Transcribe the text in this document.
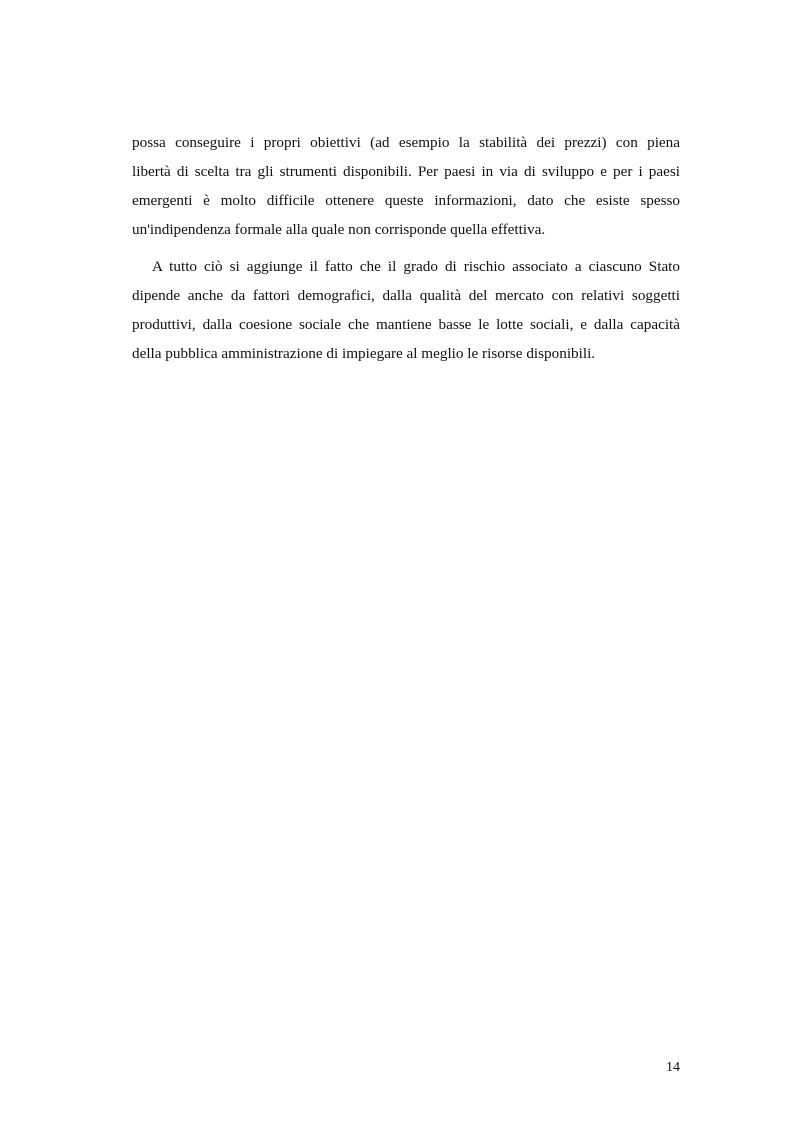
possa conseguire i propri obiettivi (ad esempio la stabilità dei prezzi) con piena
libertà di scelta tra gli strumenti disponibili. Per paesi in via di sviluppo e per i paesi
emergenti è molto difficile ottenere queste informazioni, dato che esiste spesso
un'indipendenza formale alla quale non corrisponde quella effettiva.

A tutto ciò si aggiunge il fatto che il grado di rischio associato a ciascuno Stato
dipende anche da fattori demografici, dalla qualità del mercato con relativi soggetti
produttivi, dalla coesione sociale che mantiene basse le lotte sociali, e dalla capacità
della pubblica amministrazione di impiegare al meglio le risorse disponibili.

14
